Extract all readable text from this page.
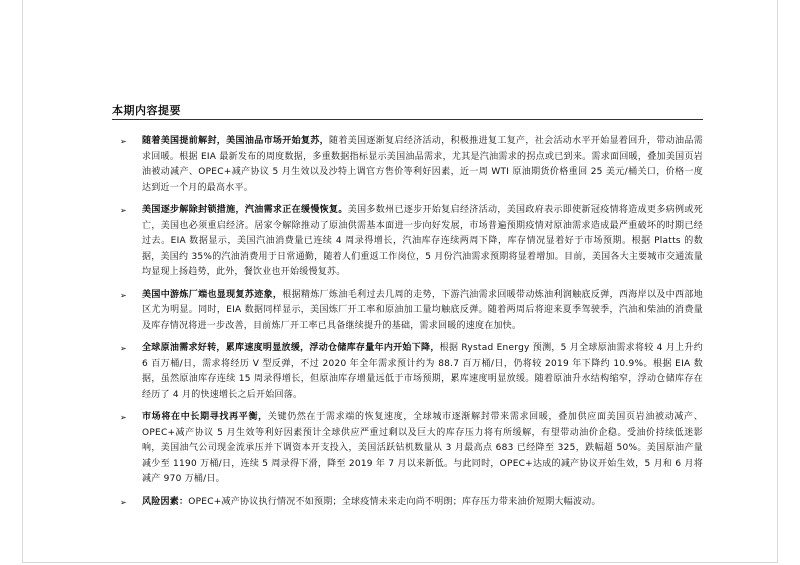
本期内容提要
➢ 随着美国提前解封，美国油品市场开始复苏，随着美国逐渐复启经济活动，积极推进复工复产，社会活动水平开始显着回升，带动油品需求回暖。根据 EIA 最新发布的周度数据，多重数据指标显示美国油品需求，尤其是汽油需求的拐点或已到来。需求面回暖，叠加美国页岩油被动减产、OPEC+减产协议 5 月生效以及沙特上调官方售价等利好因素，近一周 WTI 原油期货价格重回 25 美元/桶关口，价格一度达到近一个月的最高水平。
➢ 美国逐步解除封锁措施，汽油需求正在缓慢恢复。美国多数州已逐步开始复启经济活动，美国政府表示即使新冠疫情将造成更多病例或死亡，美国也必须重启经济。居家令解除推动了原油供需基本面进一步向好发展，市场普遍预期疫情对原油需求造成最严重破坏的时期已经过去。EIA 数据显示，美国汽油消费量已连续 4 周录得增长，汽油库存连续两周下降，库存情况显着好于市场预期。根据 Platts 的数据，美国约 35%的汽油消费用于日常通勤，随着人们重返工作岗位，5 月份汽油需求预期将显着增加。目前，美国各大主要城市交通流量均显现上扬趋势，此外，餐饮业也开始缓慢复苏。
➢ 美国中游炼厂端也显现复苏迹象，根据精炼厂炼油毛利过去几周的走势，下游汽油需求回暖带动炼油利润触底反弹，西海岸以及中西部地区尤为明显。同时，EIA 数据同样显示，美国炼厂开工率和原油加工量均触底反弹。随着两周后将迎来夏季驾驶季，汽油和柴油的消费量及库存情况将进一步改善，目前炼厂开工率已具备继续提升的基础，需求回暖的速度在加快。
➢ 全球原油需求好转，累库速度明显放缓，浮动仓储库存量年内开始下降，根据 Rystad Energy 预测，5 月全球原油需求将较 4 月上升约 6 百万桶/日，需求将经历 V 型反弹，不过 2020 年全年需求预计约为 88.7 百万桶/日，仍将较 2019 年下降约 10.9%。根据 EIA 数据，虽然原油库存连续 15 周录得增长，但原油库存增量远低于市场预期，累库速度明显放缓。随着原油升水结构缩窄，浮动仓储库存在经历了 4 月的快速增长之后开始回落。
➢ 市场将在中长期寻找再平衡，关键仍然在于需求端的恢复速度，全球城市逐渐解封带来需求回暖，叠加供应面美国页岩油被动减产、OPEC+减产协议 5 月生效等利好因素预计全球供应严重过剩以及巨大的库存压力将有所缓解，有望带动油价企稳。受油价持续低迷影响，美国油气公司现金流承压并下调资本开支投入，美国活跃钻机数量从 3 月最高点 683 已经降至 325，跌幅超 50%。美国原油产量减少至 1190 万桶/日，连续 5 周录得下滑，降至 2019 年 7 月以来新低。与此同时，OPEC+达成的减产协议开始生效，5 月和 6 月将减产 970 万桶/日。
➢ 风险因素：OPEC+减产协议执行情况不如预期；全球疫情未来走向尚不明朗；库存压力带来油价短期大幅波动。
